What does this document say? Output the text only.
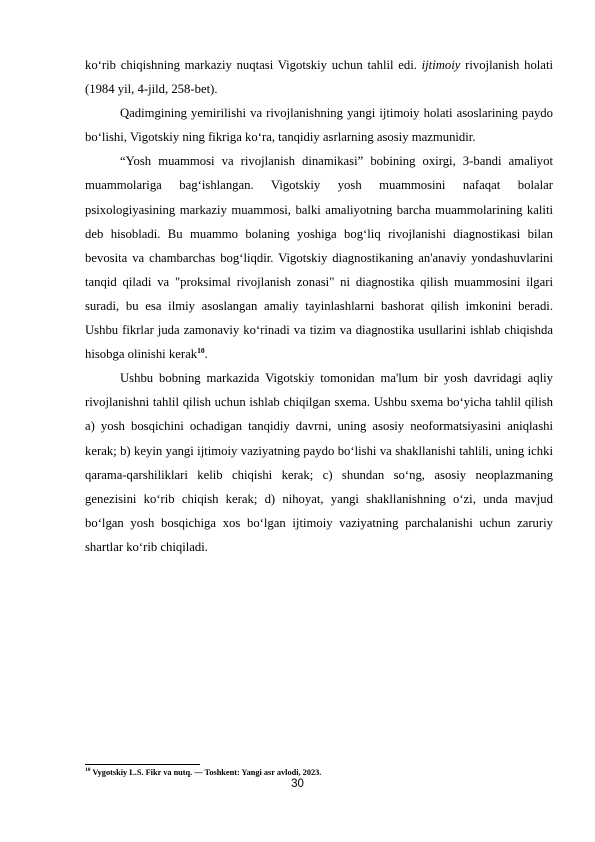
ko‘rib chiqishning markaziy nuqtasi Vigotskiy uchun tahlil edi. ijtimoiy rivojlanish holati (1984 yil, 4-jild, 258-bet).

Qadimgining yemirilishi va rivojlanishning yangi ijtimoiy holati asoslarining paydo bo‘lishi, Vigotskiy ning fikriga ko‘ra, tanqidiy asrlarning asosiy mazmunidir.

“Yosh muammosi va rivojlanish dinamikasi” bobining oxirgi, 3-bandi amaliyot muammolariga bag‘ishlangan. Vigotskiy yosh muammosini nafaqat bolalar psixologiyasining markaziy muammosi, balki amaliyotning barcha muammolarining kaliti deb hisobladi. Bu muammo bolaning yoshiga bog‘liq rivojlanishi diagnostikasi bilan bevosita va chambarchas bog‘liqdir. Vigotskiy diagnostikaning an'anaviy yondashuvlarini tanqid qiladi va "proksimal rivojlanish zonasi" ni diagnostika qilish muammosini ilgari suradi, bu esa ilmiy asoslangan amaliy tayinlashlarni bashorat qilish imkonini beradi. Ushbu fikrlar juda zamonaviy ko‘rinadi va tizim va diagnostika usullarini ishlab chiqishda hisobga olinishi kerak$^{10}$.

Ushbu bobning markazida Vigotskiy tomonidan ma'lum bir yosh davridagi aqliy rivojlanishni tahlil qilish uchun ishlab chiqilgan sxema. Ushbu sxema bo‘yicha tahlil qilish a) yosh bosqichini ochadigan tanqidiy davrni, uning asosiy neoformatsiyasini aniqlashi kerak; b) keyin yangi ijtimoiy vaziyatning paydo bo‘lishi va shakllanishi tahlili, uning ichki qarama-qarshiliklari kelib chiqishi kerak; c) shundan so‘ng, asosiy neoplazmaning genezisini ko‘rib chiqish kerak; d) nihoyat, yangi shakllanishning o‘zi, unda mavjud bo‘lgan yosh bosqichiga xos bo‘lgan ijtimoiy vaziyatning parchalanishi uchun zaruriy shartlar ko‘rib chiqiladi.

$^{10}$ Vygotskiy L.S. Fikr va nutq. — Toshkent: Yangi asr avlodi, 2023.
30
